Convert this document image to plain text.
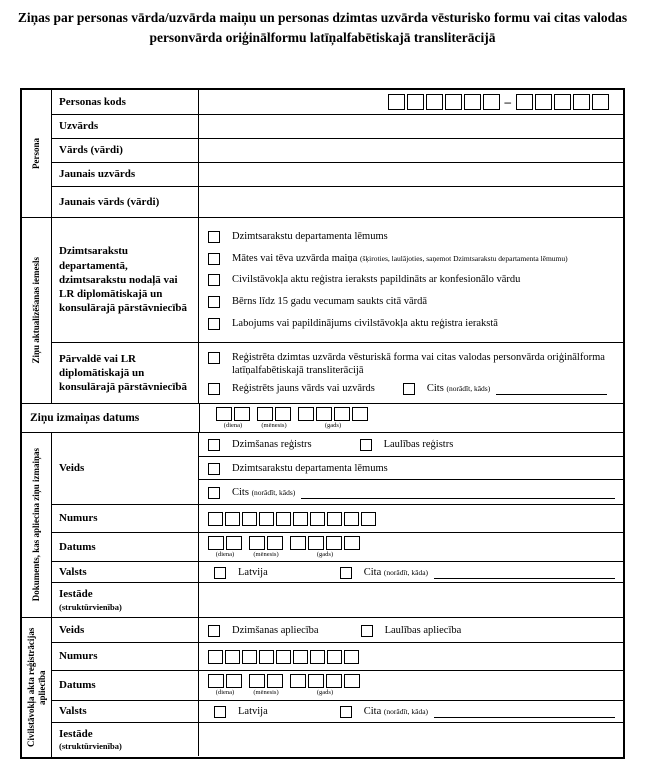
Ziņas par personas vārda/uzvārda maiņu un personas dzimtas uzvārda vēsturisko formu vai citas valodas personvārda oriģinālformu latīņalfabētiskajā transliterācijā
Persona
Personas kods	–
Uzvārds
Vārds (vārdi)
Jaunais uzvārds
Jaunais vārds (vārdi)
Ziņu aktualizēšanas iemesls
Dzimtsarakstu departamentā, dzimtsarakstu nodaļā vai LR diplomātiskajā un konsulārajā pārstāvniecībā
Dzimtsarakstu departamenta lēmums
Mātes vai tēva uzvārda maiņa (šķiroties, laulājoties, saņemot Dzimtsarakstu departamenta lēmumu)
Civilstāvokļa aktu reģistra ieraksts papildināts ar konfesionālo vārdu
Bērns līdz 15 gadu vecumam saukts citā vārdā
Labojums vai papildinājums civilstāvokļa aktu reģistra ierakstā
Pārvaldē vai LR diplomātiskajā un konsulārajā pārstāvniecībā
Reģistrēta dzimtas uzvārda vēsturiskā forma vai citas valodas personvārda oriģinālforma latīņalfabētiskajā transliterācijā
Reģistrēts jauns vārds vai uzvārds	Cits
(norādīt, kāds)
Ziņu izmaiņas datums
(diena)	(mēnesis)	(gads)
Dokuments, kas apliecina ziņu izmaiņas	Veids
Dzimšanas reģistrs	Laulības reģistrs
Dzimtsarakstu departamenta lēmums
Cits
(norādīt, kāds)
Numurs
Datums
(diena)	(mēnesis)	(gads)
Valsts	Latvija	Cita
(norādīt, kāda)
Iestāde
(struktūrvienība)
Civilstāvokļa akta reģistrācijas apliecība
Veids	Dzimšanas apliecība	Laulības apliecība
Numurs
Datums
(diena)	(mēnesis)	(gads)
Valsts	Latvija	Cita
(norādīt, kāda)
Iestāde
(struktūrvienība)
